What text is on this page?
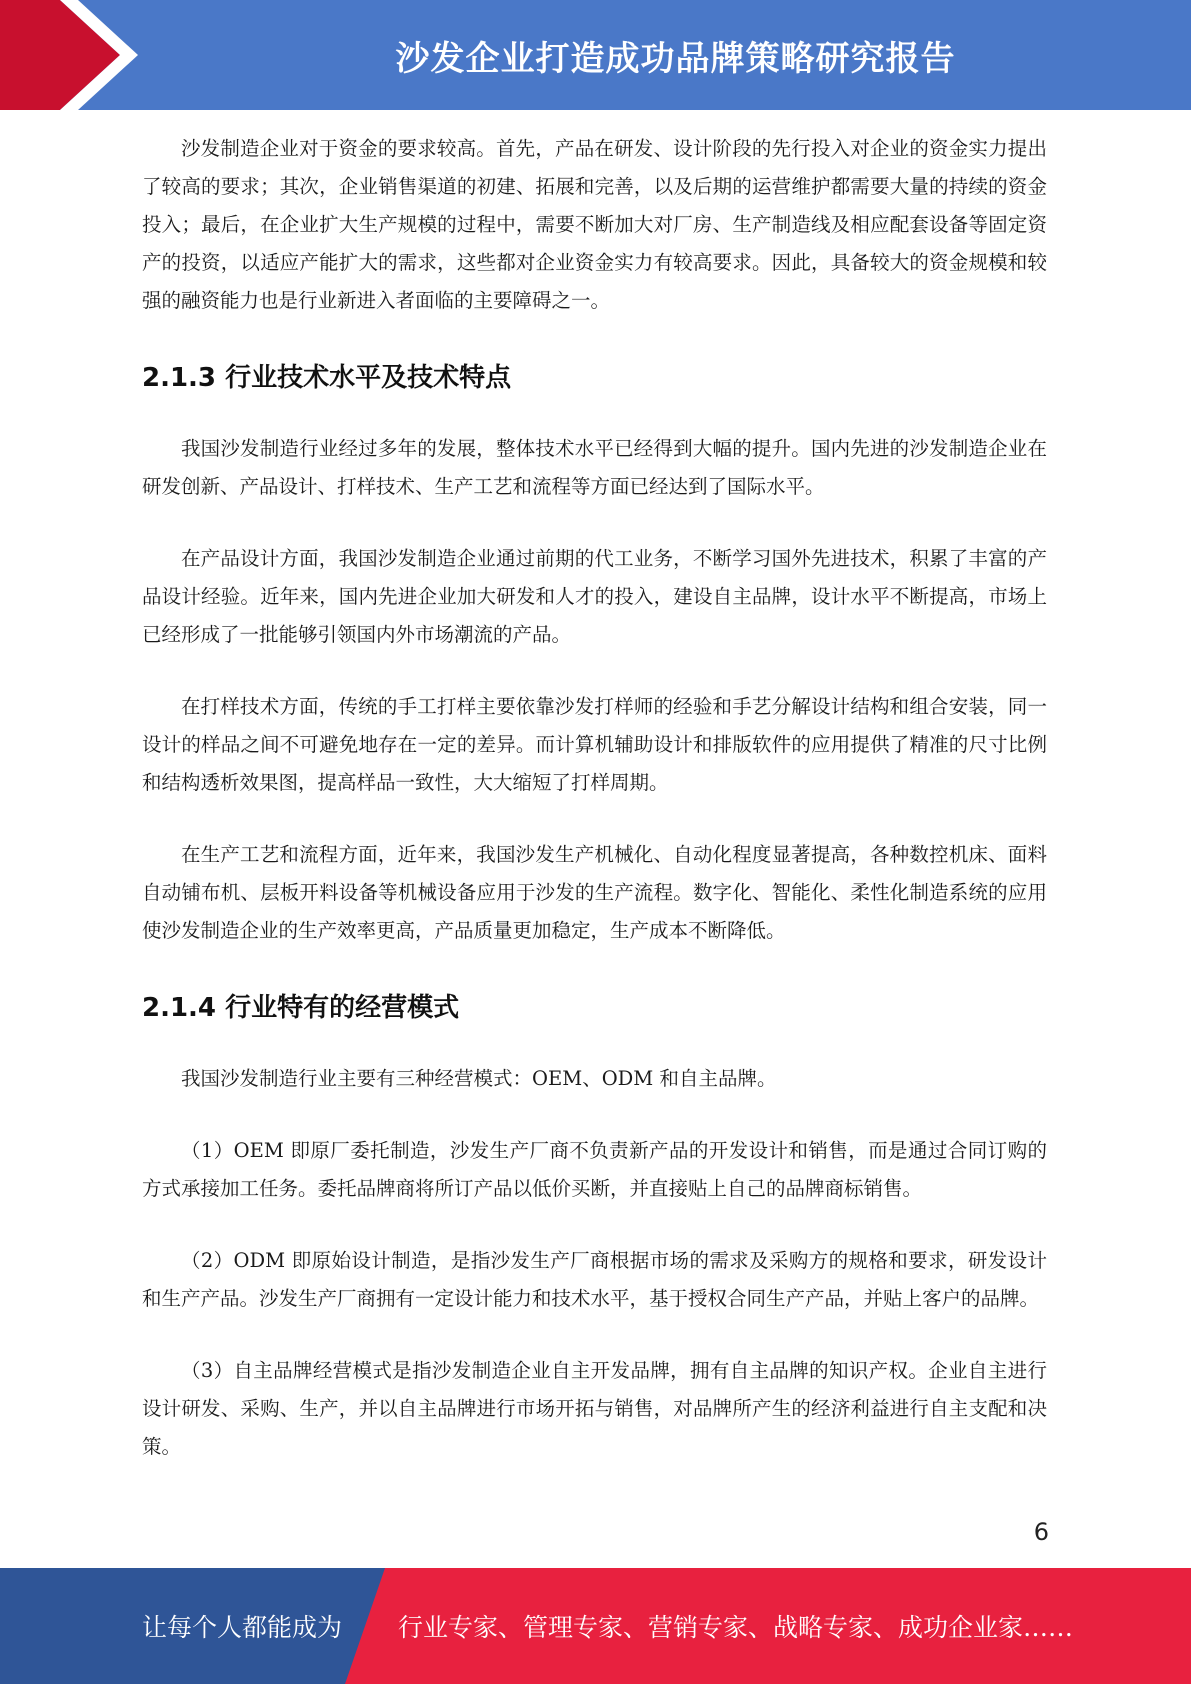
沙发企业打造成功品牌策略研究报告

沙发制造企业对于资金的要求较高。首先，产品在研发、设计阶段的先行投入对企业的资金实力提出了较高的要求；其次，企业销售渠道的初建、拓展和完善，以及后期的运营维护都需要大量的持续的资金投入；最后，在企业扩大生产规模的过程中，需要不断加大对厂房、生产制造线及相应配套设备等固定资产的投资，以适应产能扩大的需求，这些都对企业资金实力有较高要求。因此，具备较大的资金规模和较强的融资能力也是行业新进入者面临的主要障碍之一。

2.1.3 行业技术水平及技术特点

我国沙发制造行业经过多年的发展，整体技术水平已经得到大幅的提升。国内先进的沙发制造企业在研发创新、产品设计、打样技术、生产工艺和流程等方面已经达到了国际水平。

在产品设计方面，我国沙发制造企业通过前期的代工业务，不断学习国外先进技术，积累了丰富的产品设计经验。近年来，国内先进企业加大研发和人才的投入，建设自主品牌，设计水平不断提高，市场上已经形成了一批能够引领国内外市场潮流的产品。

在打样技术方面，传统的手工打样主要依靠沙发打样师的经验和手艺分解设计结构和组合安装，同一设计的样品之间不可避免地存在一定的差异。而计算机辅助设计和排版软件的应用提供了精准的尺寸比例和结构透析效果图，提高样品一致性，大大缩短了打样周期。

在生产工艺和流程方面，近年来，我国沙发生产机械化、自动化程度显著提高，各种数控机床、面料自动铺布机、层板开料设备等机械设备应用于沙发的生产流程。数字化、智能化、柔性化制造系统的应用使沙发制造企业的生产效率更高，产品质量更加稳定，生产成本不断降低。

2.1.4 行业特有的经营模式

我国沙发制造行业主要有三种经营模式：OEM、ODM 和自主品牌。

（1）OEM 即原厂委托制造，沙发生产厂商不负责新产品的开发设计和销售，而是通过合同订购的方式承接加工任务。委托品牌商将所订产品以低价买断，并直接贴上自己的品牌商标销售。

（2）ODM 即原始设计制造，是指沙发生产厂商根据市场的需求及采购方的规格和要求，研发设计和生产产品。沙发生产厂商拥有一定设计能力和技术水平，基于授权合同生产产品，并贴上客户的品牌。

（3）自主品牌经营模式是指沙发制造企业自主开发品牌，拥有自主品牌的知识产权。企业自主进行设计研发、采购、生产，并以自主品牌进行市场开拓与销售，对品牌所产生的经济利益进行自主支配和决策。

6
让每个人都能成为 行业专家、管理专家、营销专家、战略专家、成功企业家……
